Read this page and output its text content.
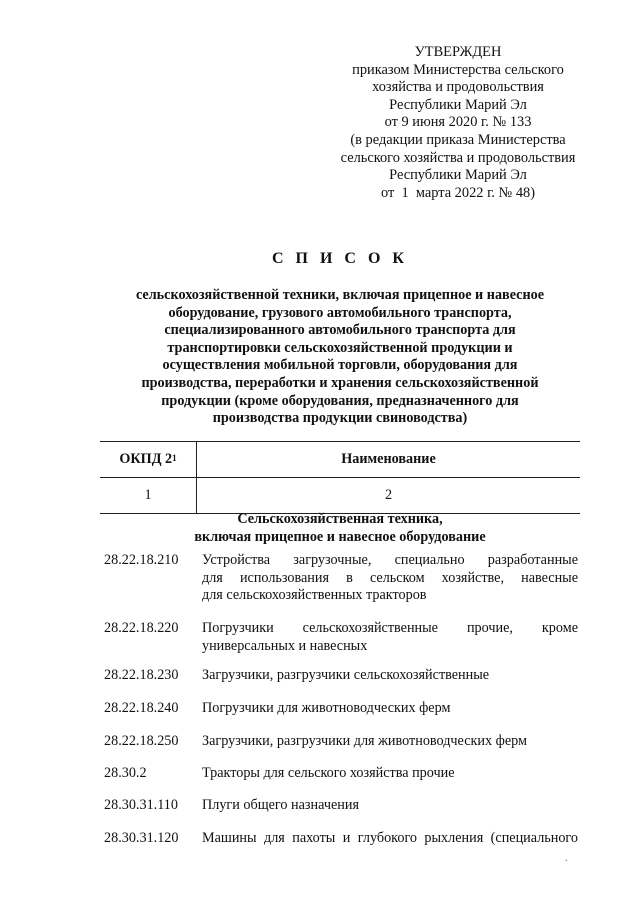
УТВЕРЖДЕН
приказом Министерства сельского
хозяйства и продовольствия
Республики Марий Эл
от 9 июня 2020 г. № 133
(в редакции приказа Министерства
сельского хозяйства и продовольствия
Республики Марий Эл
от  1  марта 2022 г. № 48)
С П И С О К
сельскохозяйственной техники, включая прицепное и навесное
оборудование, грузового автомобильного транспорта,
специализированного автомобильного транспорта для
транспортировки сельскохозяйственной продукции и
осуществления мобильной торговли, оборудования для
производства, переработки и хранения сельскохозяйственной
продукции (кроме оборудования, предназначенного для
производства продукции свиноводства)
ОКПД $2^1$	Наименование
1	2
Сельскохозяйственная техника,
включая прицепное и навесное оборудование
28.22.18.210	Устройства загрузочные, специально разработанные
для использования в сельском хозяйстве, навесные
для сельскохозяйственных тракторов
28.22.18.220	Погрузчики сельскохозяйственные прочие, кроме
универсальных и навесных
28.22.18.230	Загрузчики, разгрузчики сельскохозяйственные
28.22.18.240	Погрузчики для животноводческих ферм
28.22.18.250	Загрузчики, разгрузчики для животноводческих ферм
28.30.2	Тракторы для сельского хозяйства прочие
28.30.31.110	Плуги общего назначения
28.30.31.120	Машины для пахоты и глубокого рыхления (специального
.
